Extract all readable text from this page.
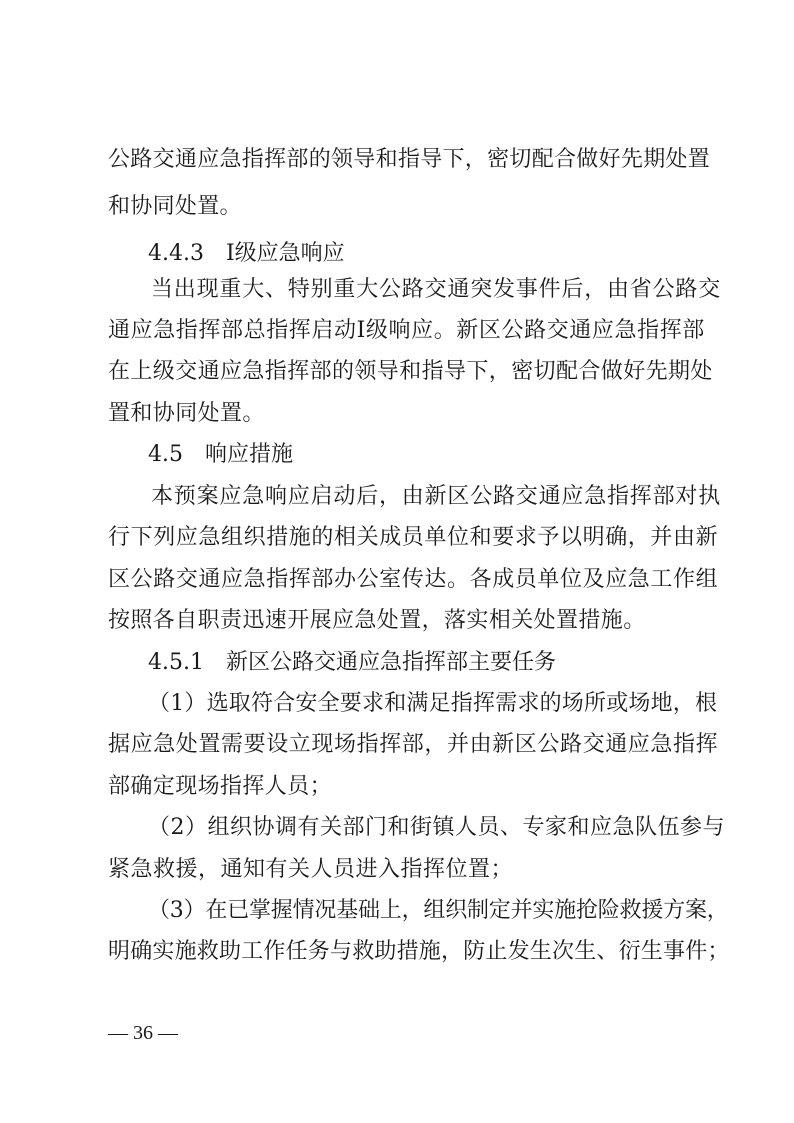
公路交通应急指挥部的领导和指导下，密切配合做好先期处置
和协同处置。
4.4.3　Ⅰ级应急响应
当出现重大、特别重大公路交通突发事件后，由省公路交
通应急指挥部总指挥启动Ⅰ级响应。新区公路交通应急指挥部
在上级交通应急指挥部的领导和指导下，密切配合做好先期处
置和协同处置。
4.5　响应措施
本预案应急响应启动后，由新区公路交通应急指挥部对执
行下列应急组织措施的相关成员单位和要求予以明确，并由新
区公路交通应急指挥部办公室传达。各成员单位及应急工作组
按照各自职责迅速开展应急处置，落实相关处置措施。
4.5.1　新区公路交通应急指挥部主要任务
（1）选取符合安全要求和满足指挥需求的场所或场地，根
据应急处置需要设立现场指挥部，并由新区公路交通应急指挥
部确定现场指挥人员；
（2）组织协调有关部门和街镇人员、专家和应急队伍参与
紧急救援，通知有关人员进入指挥位置；
（3）在已掌握情况基础上，组织制定并实施抢险救援方案，
明确实施救助工作任务与救助措施，防止发生次生、衍生事件；
— 36 —
